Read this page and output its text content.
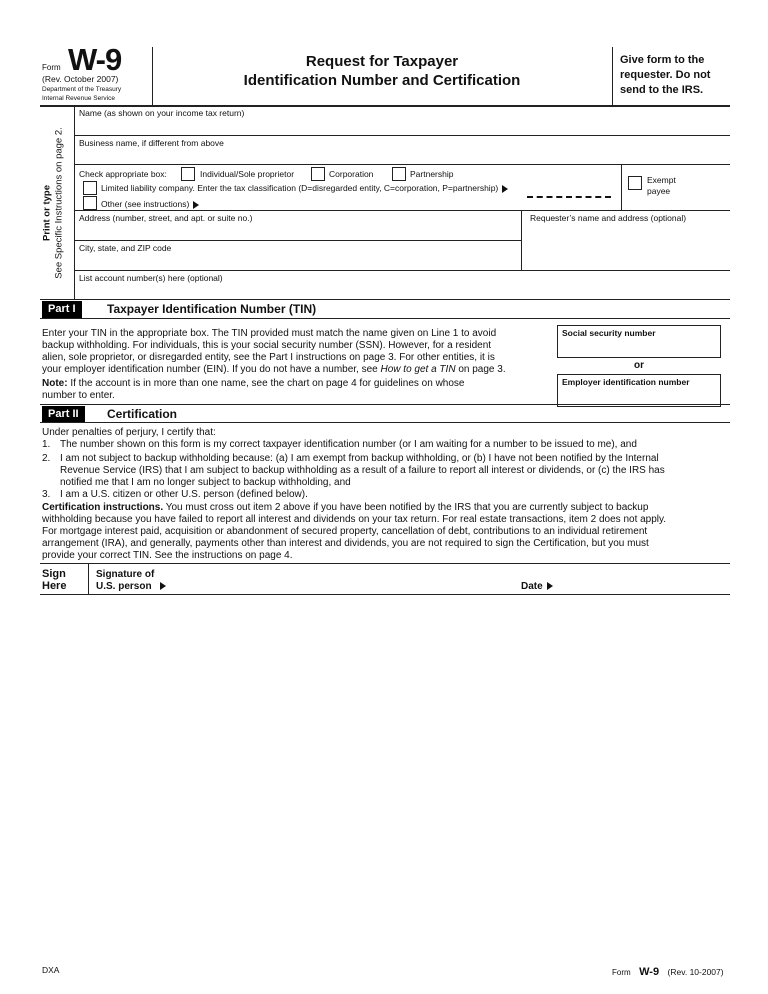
Form W-9
(Rev. October 2007)
Department of the Treasury
Internal Revenue Service
Request for Taxpayer
Identification Number and Certification
Give form to the
requester. Do not
send to the IRS.
Print or type See Specific Instructions on page 2.
Name (as shown on your income tax return)
Business name, if different from above
Check appropriate box:	Individual/Sole proprietor	Corporation	Partnership
Limited liability company. Enter the tax classification (D=disregarded entity, C=corporation, P=partnership)
Other (see instructions)
Exempt
payee
Address (number, street, and apt. or suite no.)	Requester’s name and address (optional)
City, state, and ZIP code
List account number(s) here (optional)
Part I	Taxpayer Identification Number (TIN)
Enter your TIN in the appropriate box. The TIN provided must match the name given on Line 1 to avoid
backup withholding. For individuals, this is your social security number (SSN). However, for a resident
alien, sole proprietor, or disregarded entity, see the Part I instructions on page 3. For other entities, it is
your employer identification number (EIN). If you do not have a number, see How to get a TIN on page 3.
Note: If the account is in more than one name, see the chart on page 4 for guidelines on whose
number to enter.
Social security number
or
Employer identification number
Part II	Certification
Under penalties of perjury, I certify that:
1. The number shown on this form is my correct taxpayer identification number (or I am waiting for a number to be issued to me), and
2. I am not subject to backup withholding because: (a) I am exempt from backup withholding, or (b) I have not been notified by the Internal
Revenue Service (IRS) that I am subject to backup withholding as a result of a failure to report all interest or dividends, or (c) the IRS has
notified me that I am no longer subject to backup withholding, and
3. I am a U.S. citizen or other U.S. person (defined below).
Certification instructions. You must cross out item 2 above if you have been notified by the IRS that you are currently subject to backup
withholding because you have failed to report all interest and dividends on your tax return. For real estate transactions, item 2 does not apply.
For mortgage interest paid, acquisition or abandonment of secured property, cancellation of debt, contributions to an individual retirement
arrangement (IRA), and generally, payments other than interest and dividends, you are not required to sign the Certification, but you must
provide your correct TIN. See the instructions on page 4.
Sign
Here
Signature of
U.S. person	Date
DXA	Form W-9 (Rev. 10-2007)
